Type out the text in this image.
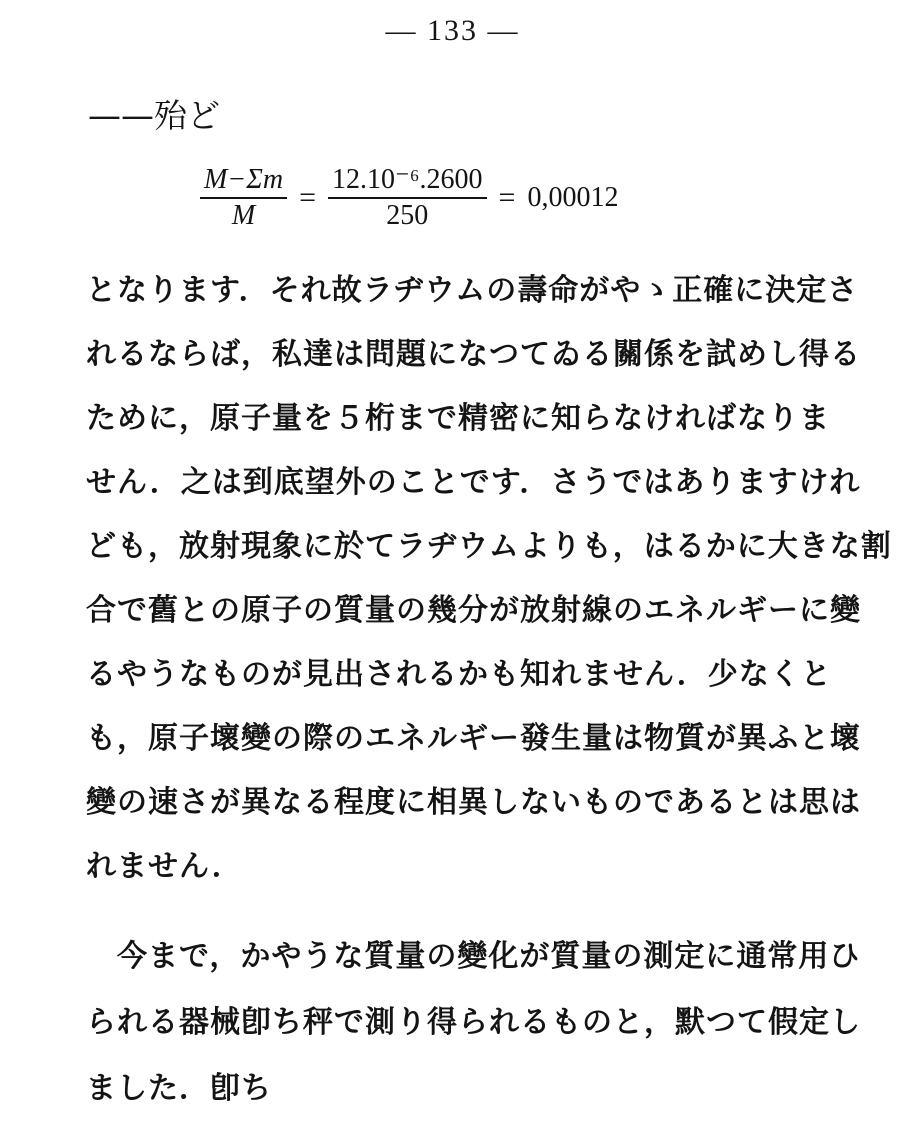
— 133 —
——殆ど
$\frac{M-\Sigma m}{M} = \frac{\text{12.10⁻⁶.2600}}{250} = 0,00012$
となります．それ故ラヂウムの壽命がやゝ正確に決定さ
れるならば，私達は問題になつてゐる關係を試めし得る
ために，原子量を５桁まで精密に知らなければなりま
せん．之は到底望外のことです．さうではありますけれ
ども，放射現象に於てラヂウムよりも，はるかに大きな割
合で舊との原子の質量の幾分が放射線のエネルギーに變
るやうなものが見出されるかも知れません．少なくと
も，原子壞變の際のエネルギー發生量は物質が異ふと壞
變の速さが異なる程度に相異しないものであるとは思は
れません．
　今まで，かやうな質量の變化が質量の測定に通常用ひ
られる器械卽ち秤で測り得られるものと，默つて假定し
ました．卽ち
